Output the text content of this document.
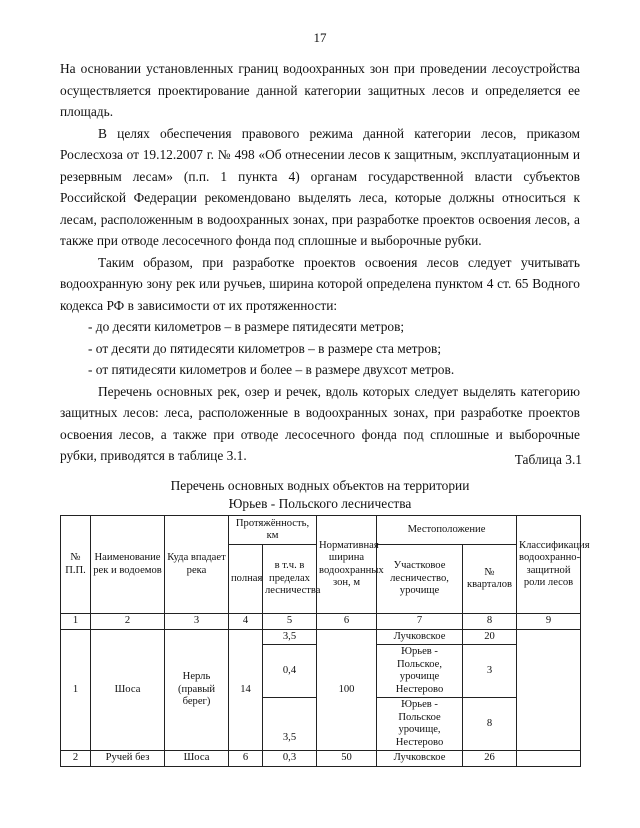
17

На основании установленных границ водоохранных зон при проведении лесоустройства осуществляется проектирование данной категории защитных лесов и определяется ее площадь.

В целях обеспечения правового режима данной категории лесов, приказом Рослесхоза от 19.12.2007 г. № 498 «Об отнесении лесов к защитным, эксплуатационным и резервным лесам» (п.п. 1 пункта 4) органам государственной власти субъектов Российской Федерации рекомендовано выделять леса, которые должны относиться к лесам, расположенным в водоохранных зонах, при разработке проектов освоения лесов, а также при отводе лесосечного фонда под сплошные и выборочные рубки.

Таким образом, при разработке проектов освоения лесов следует учитывать водоохранную зону рек или ручьев, ширина которой определена пунктом 4 ст. 65 Водного кодекса РФ в зависимости от их протяженности:

- до десяти километров – в размере пятидесяти метров;

- от десяти до пятидесяти километров – в размере ста метров;

- от пятидесяти километров и более – в размере двухсот метров.

Перечень основных рек, озер и речек, вдоль которых следует выделять категорию защитных лесов: леса, расположенные в водоохранных зонах, при разработке проектов освоения лесов, а также при отводе лесосечного фонда под сплошные и выборочные рубки, приводятся в таблице 3.1.	Таблица 3.1
Перечень основных водных объектов на территории
Юрьев - Польского лесничества
№ П.П.	Наименование рек и водоемов	Куда впадает река	Протяжённость, км		Нормативная ширина водоохранных зон, м	Местоположение		Классификация водоохранно-защитной роли лесов
			полная	в т.ч. в пределах лесничества		Участковое лесничество, урочище	№ кварталов	
1	2	3	4	5	6	7	8	9
1	Шоса	Нерль (правый берег)	14	3,5	100	Лучковское	20	
				0,4		Юрьев - Польское, урочище Нестерово	3	
				3,5		Юрьев - Польское урочище, Нестерово	8	
2	Ручей без	Шоса	6	0,3	50	Лучковское	26	
